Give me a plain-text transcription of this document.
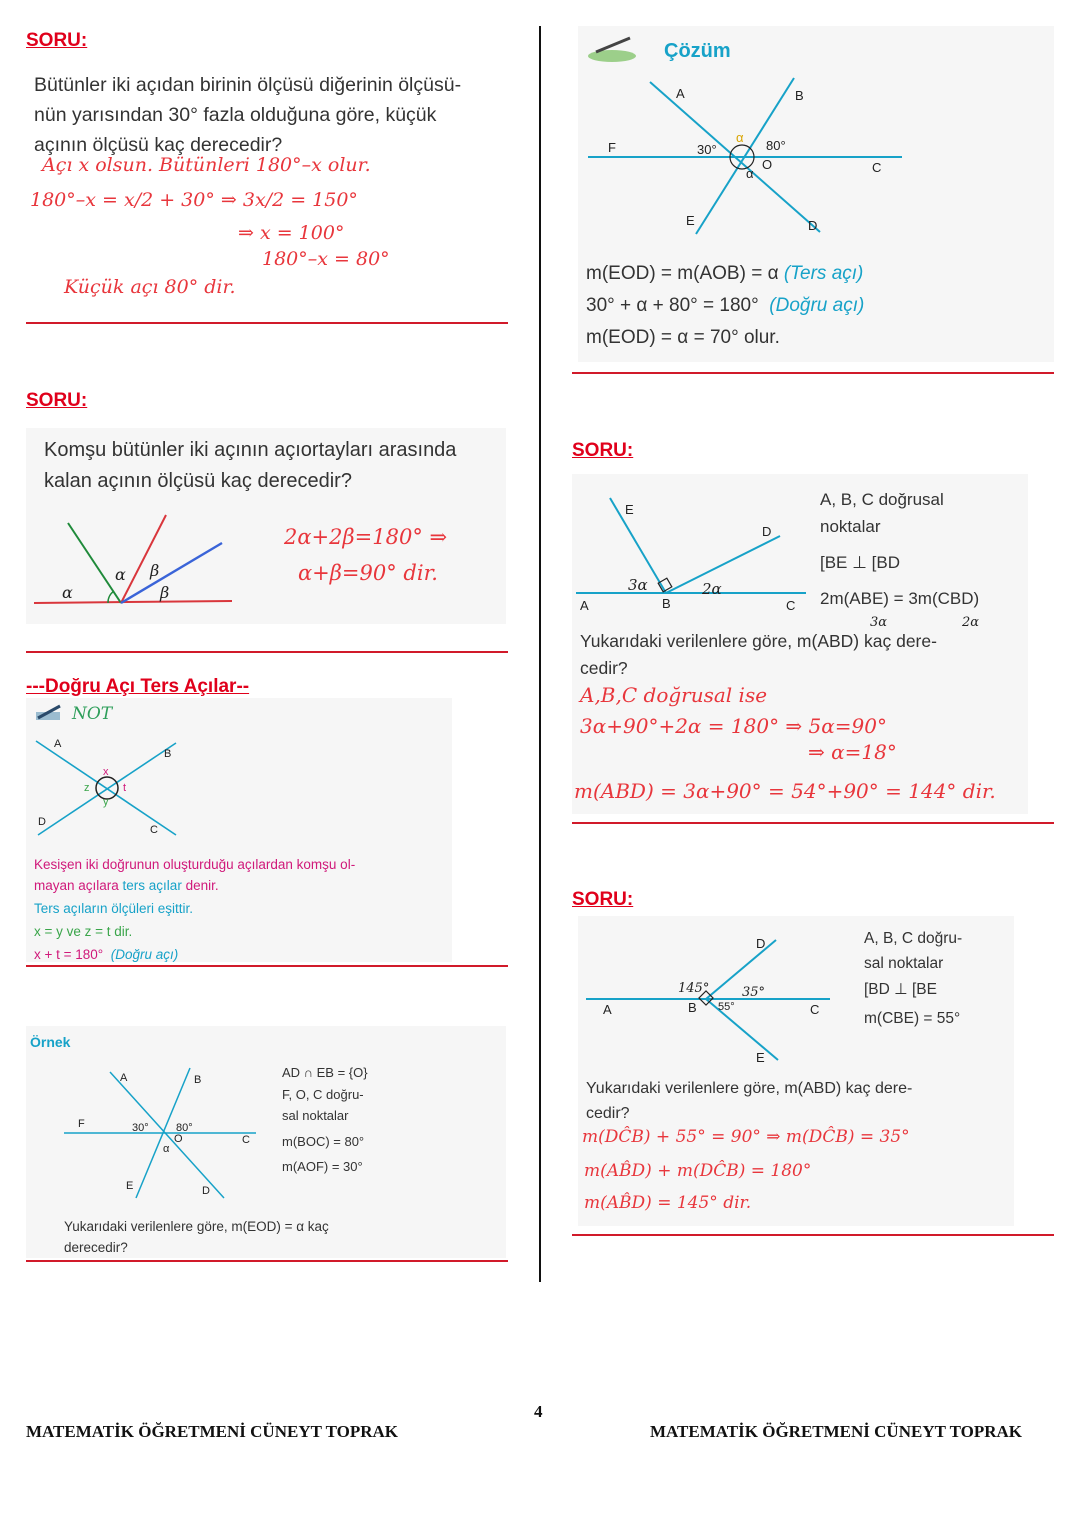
SORU:
Bütünler iki açıdan birinin ölçüsü diğerinin ölçüsü-
nün yarısından 30° fazla olduğuna göre, küçük
açının ölçüsü kaç derecedir?
Açı x olsun. Bütünleri 180°–x olur.
180°–x = x/2 + 30° ⇒ 3x/2 = 150°
⇒ x = 100°
180°–x = 80°
Küçük açı 80° dir.
SORU:
Komşu bütünler iki açının açıortayları arasında
kalan açının ölçüsü kaç derecedir?
α
α β
β
2α+2β=180° ⇒
α+β=90° dir.
---Doğru Açı Ters Açılar--
NOT
A
B
C
D
x
y
z	t
Kesişen iki doğrunun oluşturduğu açılardan komşu ol-
mayan açılara ters açılar denir.
Ters açıların ölçüleri eşittir.
x = y ve z = t dir.
x + t = 180° (Doğru açı)
Örnek
A	B
C
D
E
F
O
30° 80°
α
AD ∩ EB = {O}
F, O, C doğru-
sal noktalar
m(BOC) = 80°
m(AOF) = 30°
Yukarıdaki verilenlere göre, m(EOD) = α kaç
derecedir?
Çözüm
A	B
C
D
E
F
O
30°	80°
α
α
m(EOD) = m(AOB) = α (Ters açı)
30° + α + 80° = 180° (Doğru açı)
m(EOD) = α = 70° olur.
SORU:
E
D
A	B	C
3α	2α
A, B, C doğrusal
noktalar
[BE ⊥ [BD
2m(ABE) = 3m(CBD)
3α	2α
Yukarıdaki verilenlere göre, m(ABD) kaç dere-
cedir?
A,B,C doğrusal ise
3α+90°+2α = 180° ⇒ 5α=90°
⇒ α=18°
m(ABD) = 3α+90° = 54°+90° = 144° dir.
SORU:
D
E
A	B	C
145°	35°
55°
A, B, C doğru-
sal noktalar
[BD ⊥ [BE
m(CBE) = 55°
Yukarıdaki verilenlere göre, m(ABD) kaç dere-
cedir?
m(DĈB) + 55° = 90° ⇒ m(DĈB) = 35°
m(AB̂D) + m(DĈB) = 180°
m(AB̂D) = 145° dir.
4
MATEMATİK ÖĞRETMENİ CÜNEYT TOPRAK	MATEMATİK ÖĞRETMENİ CÜNEYT TOPRAK
